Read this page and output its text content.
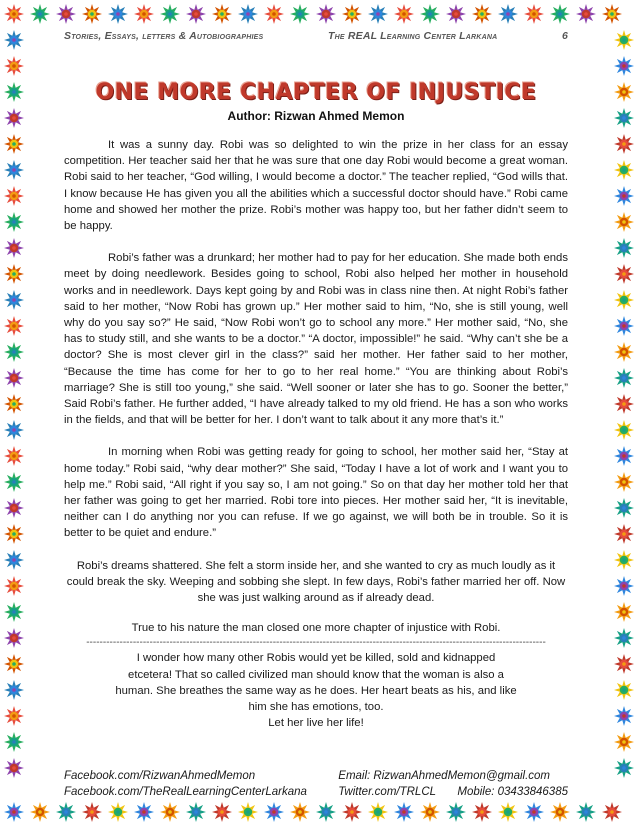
Stories, Essays, letters & Autobiographies	The REAL Learning Center Larkana	6
ONE MORE CHAPTER OF INJUSTICE
Author: Rizwan Ahmed Memon

It was a sunny day. Robi was so delighted to win the prize in her class for an essay competition. Her teacher said her that he was sure that one day Robi would become a great woman. Robi said to her teacher, “God willing, I would become a doctor.” The teacher replied, “God wills that. I know because He has given you all the abilities which a successful doctor should have.” Robi came home and showed her mother the prize. Robi’s mother was happy too, but her father didn’t seem to be happy.

Robi’s father was a drunkard; her mother had to pay for her education. She made both ends meet by doing needlework. Besides going to school, Robi also helped her mother in household works and in needlework. Days kept going by and Robi was in class nine then. At night Robi’s father said to her mother, “Now Robi has grown up.” Her mother said to him, “No, she is still young, well why do you say so?” He said, “Now Robi won’t go to school any more.” Her mother said, “No, she has to study still, and she wants to be a doctor.” “A doctor, impossible!” he said. “Why can’t she be a doctor? She is most clever girl in the class?” said her mother. Her father said to her mother, “Because the time has come for her to go to her real home.” “You are thinking about Robi’s marriage? She is still too young,” she said. “Well sooner or later she has to go. Sooner the better,” Said Robi’s father. He further added, “I have already talked to my old friend. He has a son who works in the fields, and that will be better for her. I don’t want to talk about it any more that’s it.”

In morning when Robi was getting ready for going to school, her mother said her, “Stay at home today.” Robi said, “why dear mother?” She said, “Today I have a lot of work and I want you to help me.” Robi said, “All right if you say so, I am not going.” So on that day her mother told her that her father was going to get her married. Robi tore into pieces. Her mother said her, “It is inevitable, neither can I do anything nor you can refuse. If we go against, we will both be in trouble. So it is better to be quiet and endure.”

Robi’s dreams shattered. She felt a storm inside her, and she wanted to cry as much loudly as it could break the sky. Weeping and sobbing she slept. In few days, Robi’s father married her off. Now she was just walking around as if already dead.

True to his nature the man closed one more chapter of injustice with Robi.

------------------------------------------------------------------------------------------------------------------------------------------

I wonder how many other Robis would yet be killed, sold and kidnapped

etcetera! That so called civilized man should know that the woman is also a

human. She breathes the same way as he does. Her heart beats as his, and like

him she has emotions, too.

Let her live her life!

Facebook.com/RizwanAhmedMemon	Email: RizwanAhmedMemon@gmail.com
Facebook.com/TheRealLearningCenterLarkana	Twitter.com/TRLCL Mobile: 03433846385
